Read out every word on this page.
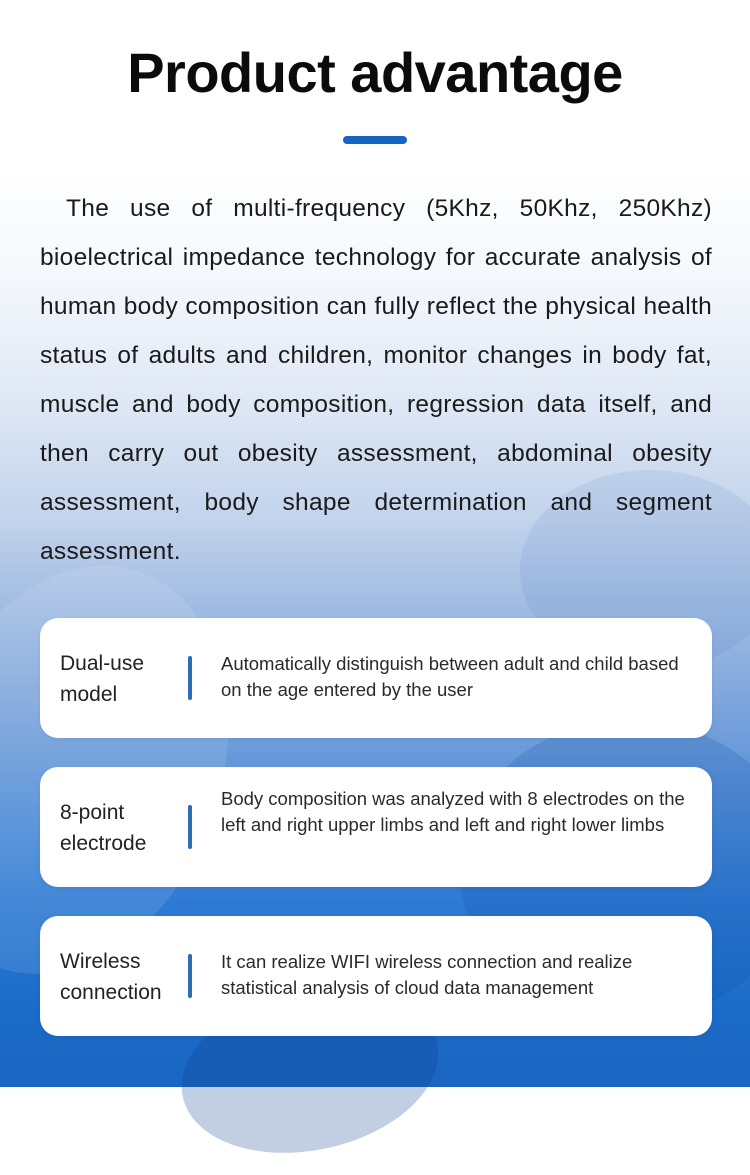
Product advantage

The use of multi-frequency (5Khz, 50Khz, 250Khz) bioelectrical impedance technology for accurate analysis of human body composition can fully reflect the physical health status of adults and children, monitor changes in body fat, muscle and body composition, regression data itself, and then carry out obesity assessment, abdominal obesity assessment, body shape determination and segment assessment.

Dual-use model
Automatically distinguish between adult and child based on the age entered by the user
8-point electrode
Body composition was analyzed with 8 electrodes on the left and right upper limbs and left and right lower limbs
Wireless connection
It can realize WIFI wireless connection and realize statistical analysis of cloud data management
